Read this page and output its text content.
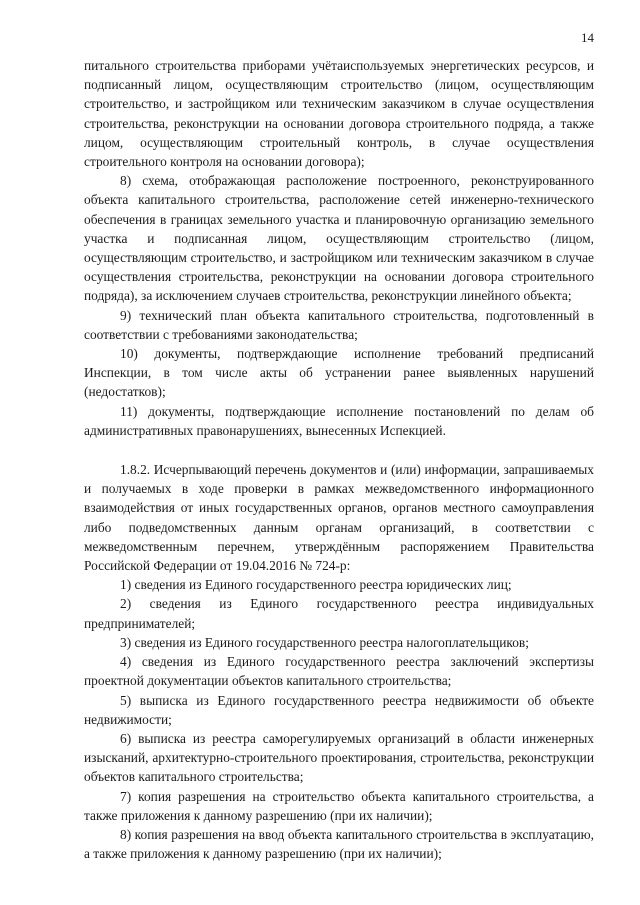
14

питального строительства приборами учётаиспользуемых энергетических ресурсов, и подписанный лицом, осуществляющим строительство (лицом, осуществляющим строительство, и застройщиком или техническим заказчиком в случае осуществления строительства, реконструкции на основании договора строительного подряда, а также лицом, осуществляющим строительный контроль, в случае осуществления строительного контроля на основании договора);

8) схема, отображающая расположение построенного, реконструированного объекта капитального строительства, расположение сетей инженерно-технического обеспечения в границах земельного участка и планировочную организацию земельного участка и подписанная лицом, осуществляющим строительство (лицом, осуществляющим строительство, и застройщиком или техническим заказчиком в случае осуществления строительства, реконструкции на основании договора строительного подряда), за исключением случаев строительства, реконструкции линейного объекта;

9) технический план объекта капитального строительства, подготовленный в соответствии с требованиями законодательства;

10) документы, подтверждающие исполнение требований предписаний Инспекции, в том числе акты об устранении ранее выявленных нарушений (недостатков);

11) документы, подтверждающие исполнение постановлений по делам об административных правонарушениях, вынесенных Испекцией.

1.8.2. Исчерпывающий перечень документов и (или) информации, запрашиваемых и получаемых в ходе проверки в рамках межведомственного информационного взаимодействия от иных государственных органов, органов местного самоуправления либо подведомственных данным органам организаций, в соответствии с межведомственным перечнем, утверждённым распоряжением Правительства Российской Федерации от 19.04.2016 № 724-р:

1) сведения из Единого государственного реестра юридических лиц;

2) сведения из Единого государственного реестра индивидуальных предпринимателей;

3) сведения из Единого государственного реестра налогоплательщиков;

4) сведения из Единого государственного реестра заключений экспертизы проектной документации объектов капитального строительства;

5) выписка из Единого государственного реестра недвижимости об объекте недвижимости;

6) выписка из реестра саморегулируемых организаций в области инженерных изысканий, архитектурно-строительного проектирования, строительства, реконструкции объектов капитального строительства;

7) копия разрешения на строительство объекта капитального строительства, а также приложения к данному разрешению (при их наличии);

8) копия разрешения на ввод объекта капитального строительства в эксплуатацию, а также приложения к данному разрешению (при их наличии);
